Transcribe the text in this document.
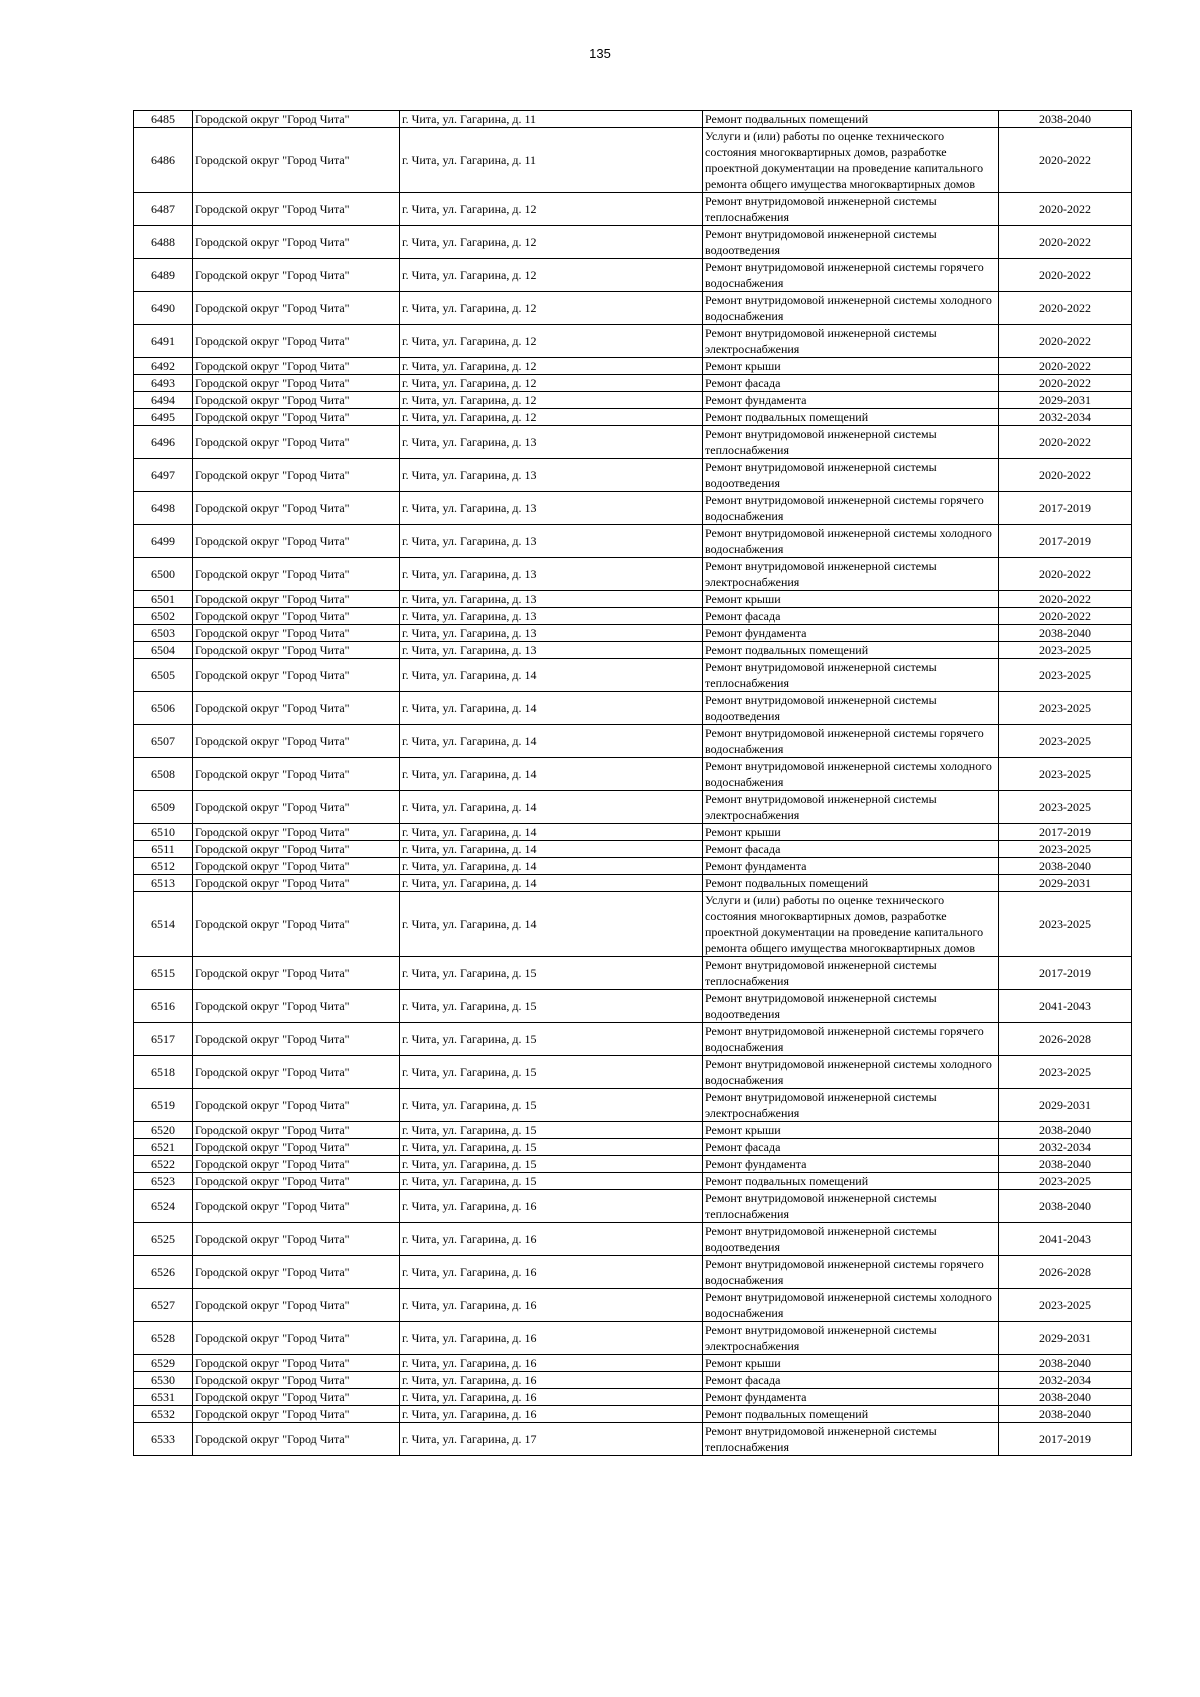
135
6485	Городской округ "Город Чита"	г. Чита, ул. Гагарина, д. 11	Ремонт подвальных помещений	2038-2040
6486	Городской округ "Город Чита"	г. Чита, ул. Гагарина, д. 11	Услуги и (или) работы по оценке технического состояния многоквартирных домов, разработке проектной документации на проведение капитального ремонта общего имущества многоквартирных домов	2020-2022
6487	Городской округ "Город Чита"	г. Чита, ул. Гагарина, д. 12	Ремонт внутридомовой инженерной системы теплоснабжения	2020-2022
6488	Городской округ "Город Чита"	г. Чита, ул. Гагарина, д. 12	Ремонт внутридомовой инженерной системы водоотведения	2020-2022
6489	Городской округ "Город Чита"	г. Чита, ул. Гагарина, д. 12	Ремонт внутридомовой инженерной системы горячего водоснабжения	2020-2022
6490	Городской округ "Город Чита"	г. Чита, ул. Гагарина, д. 12	Ремонт внутридомовой инженерной системы холодного водоснабжения	2020-2022
6491	Городской округ "Город Чита"	г. Чита, ул. Гагарина, д. 12	Ремонт внутридомовой инженерной системы электроснабжения	2020-2022
6492	Городской округ "Город Чита"	г. Чита, ул. Гагарина, д. 12	Ремонт крыши	2020-2022
6493	Городской округ "Город Чита"	г. Чита, ул. Гагарина, д. 12	Ремонт фасада	2020-2022
6494	Городской округ "Город Чита"	г. Чита, ул. Гагарина, д. 12	Ремонт фундамента	2029-2031
6495	Городской округ "Город Чита"	г. Чита, ул. Гагарина, д. 12	Ремонт подвальных помещений	2032-2034
6496	Городской округ "Город Чита"	г. Чита, ул. Гагарина, д. 13	Ремонт внутридомовой инженерной системы теплоснабжения	2020-2022
6497	Городской округ "Город Чита"	г. Чита, ул. Гагарина, д. 13	Ремонт внутридомовой инженерной системы водоотведения	2020-2022
6498	Городской округ "Город Чита"	г. Чита, ул. Гагарина, д. 13	Ремонт внутридомовой инженерной системы горячего водоснабжения	2017-2019
6499	Городской округ "Город Чита"	г. Чита, ул. Гагарина, д. 13	Ремонт внутридомовой инженерной системы холодного водоснабжения	2017-2019
6500	Городской округ "Город Чита"	г. Чита, ул. Гагарина, д. 13	Ремонт внутридомовой инженерной системы электроснабжения	2020-2022
6501	Городской округ "Город Чита"	г. Чита, ул. Гагарина, д. 13	Ремонт крыши	2020-2022
6502	Городской округ "Город Чита"	г. Чита, ул. Гагарина, д. 13	Ремонт фасада	2020-2022
6503	Городской округ "Город Чита"	г. Чита, ул. Гагарина, д. 13	Ремонт фундамента	2038-2040
6504	Городской округ "Город Чита"	г. Чита, ул. Гагарина, д. 13	Ремонт подвальных помещений	2023-2025
6505	Городской округ "Город Чита"	г. Чита, ул. Гагарина, д. 14	Ремонт внутридомовой инженерной системы теплоснабжения	2023-2025
6506	Городской округ "Город Чита"	г. Чита, ул. Гагарина, д. 14	Ремонт внутридомовой инженерной системы водоотведения	2023-2025
6507	Городской округ "Город Чита"	г. Чита, ул. Гагарина, д. 14	Ремонт внутридомовой инженерной системы горячего водоснабжения	2023-2025
6508	Городской округ "Город Чита"	г. Чита, ул. Гагарина, д. 14	Ремонт внутридомовой инженерной системы холодного водоснабжения	2023-2025
6509	Городской округ "Город Чита"	г. Чита, ул. Гагарина, д. 14	Ремонт внутридомовой инженерной системы электроснабжения	2023-2025
6510	Городской округ "Город Чита"	г. Чита, ул. Гагарина, д. 14	Ремонт крыши	2017-2019
6511	Городской округ "Город Чита"	г. Чита, ул. Гагарина, д. 14	Ремонт фасада	2023-2025
6512	Городской округ "Город Чита"	г. Чита, ул. Гагарина, д. 14	Ремонт фундамента	2038-2040
6513	Городской округ "Город Чита"	г. Чита, ул. Гагарина, д. 14	Ремонт подвальных помещений	2029-2031
6514	Городской округ "Город Чита"	г. Чита, ул. Гагарина, д. 14	Услуги и (или) работы по оценке технического состояния многоквартирных домов, разработке проектной документации на проведение капитального ремонта общего имущества многоквартирных домов	2023-2025
6515	Городской округ "Город Чита"	г. Чита, ул. Гагарина, д. 15	Ремонт внутридомовой инженерной системы теплоснабжения	2017-2019
6516	Городской округ "Город Чита"	г. Чита, ул. Гагарина, д. 15	Ремонт внутридомовой инженерной системы водоотведения	2041-2043
6517	Городской округ "Город Чита"	г. Чита, ул. Гагарина, д. 15	Ремонт внутридомовой инженерной системы горячего водоснабжения	2026-2028
6518	Городской округ "Город Чита"	г. Чита, ул. Гагарина, д. 15	Ремонт внутридомовой инженерной системы холодного водоснабжения	2023-2025
6519	Городской округ "Город Чита"	г. Чита, ул. Гагарина, д. 15	Ремонт внутридомовой инженерной системы электроснабжения	2029-2031
6520	Городской округ "Город Чита"	г. Чита, ул. Гагарина, д. 15	Ремонт крыши	2038-2040
6521	Городской округ "Город Чита"	г. Чита, ул. Гагарина, д. 15	Ремонт фасада	2032-2034
6522	Городской округ "Город Чита"	г. Чита, ул. Гагарина, д. 15	Ремонт фундамента	2038-2040
6523	Городской округ "Город Чита"	г. Чита, ул. Гагарина, д. 15	Ремонт подвальных помещений	2023-2025
6524	Городской округ "Город Чита"	г. Чита, ул. Гагарина, д. 16	Ремонт внутридомовой инженерной системы теплоснабжения	2038-2040
6525	Городской округ "Город Чита"	г. Чита, ул. Гагарина, д. 16	Ремонт внутридомовой инженерной системы водоотведения	2041-2043
6526	Городской округ "Город Чита"	г. Чита, ул. Гагарина, д. 16	Ремонт внутридомовой инженерной системы горячего водоснабжения	2026-2028
6527	Городской округ "Город Чита"	г. Чита, ул. Гагарина, д. 16	Ремонт внутридомовой инженерной системы холодного водоснабжения	2023-2025
6528	Городской округ "Город Чита"	г. Чита, ул. Гагарина, д. 16	Ремонт внутридомовой инженерной системы электроснабжения	2029-2031
6529	Городской округ "Город Чита"	г. Чита, ул. Гагарина, д. 16	Ремонт крыши	2038-2040
6530	Городской округ "Город Чита"	г. Чита, ул. Гагарина, д. 16	Ремонт фасада	2032-2034
6531	Городской округ "Город Чита"	г. Чита, ул. Гагарина, д. 16	Ремонт фундамента	2038-2040
6532	Городской округ "Город Чита"	г. Чита, ул. Гагарина, д. 16	Ремонт подвальных помещений	2038-2040
6533	Городской округ "Город Чита"	г. Чита, ул. Гагарина, д. 17	Ремонт внутридомовой инженерной системы теплоснабжения	2017-2019
